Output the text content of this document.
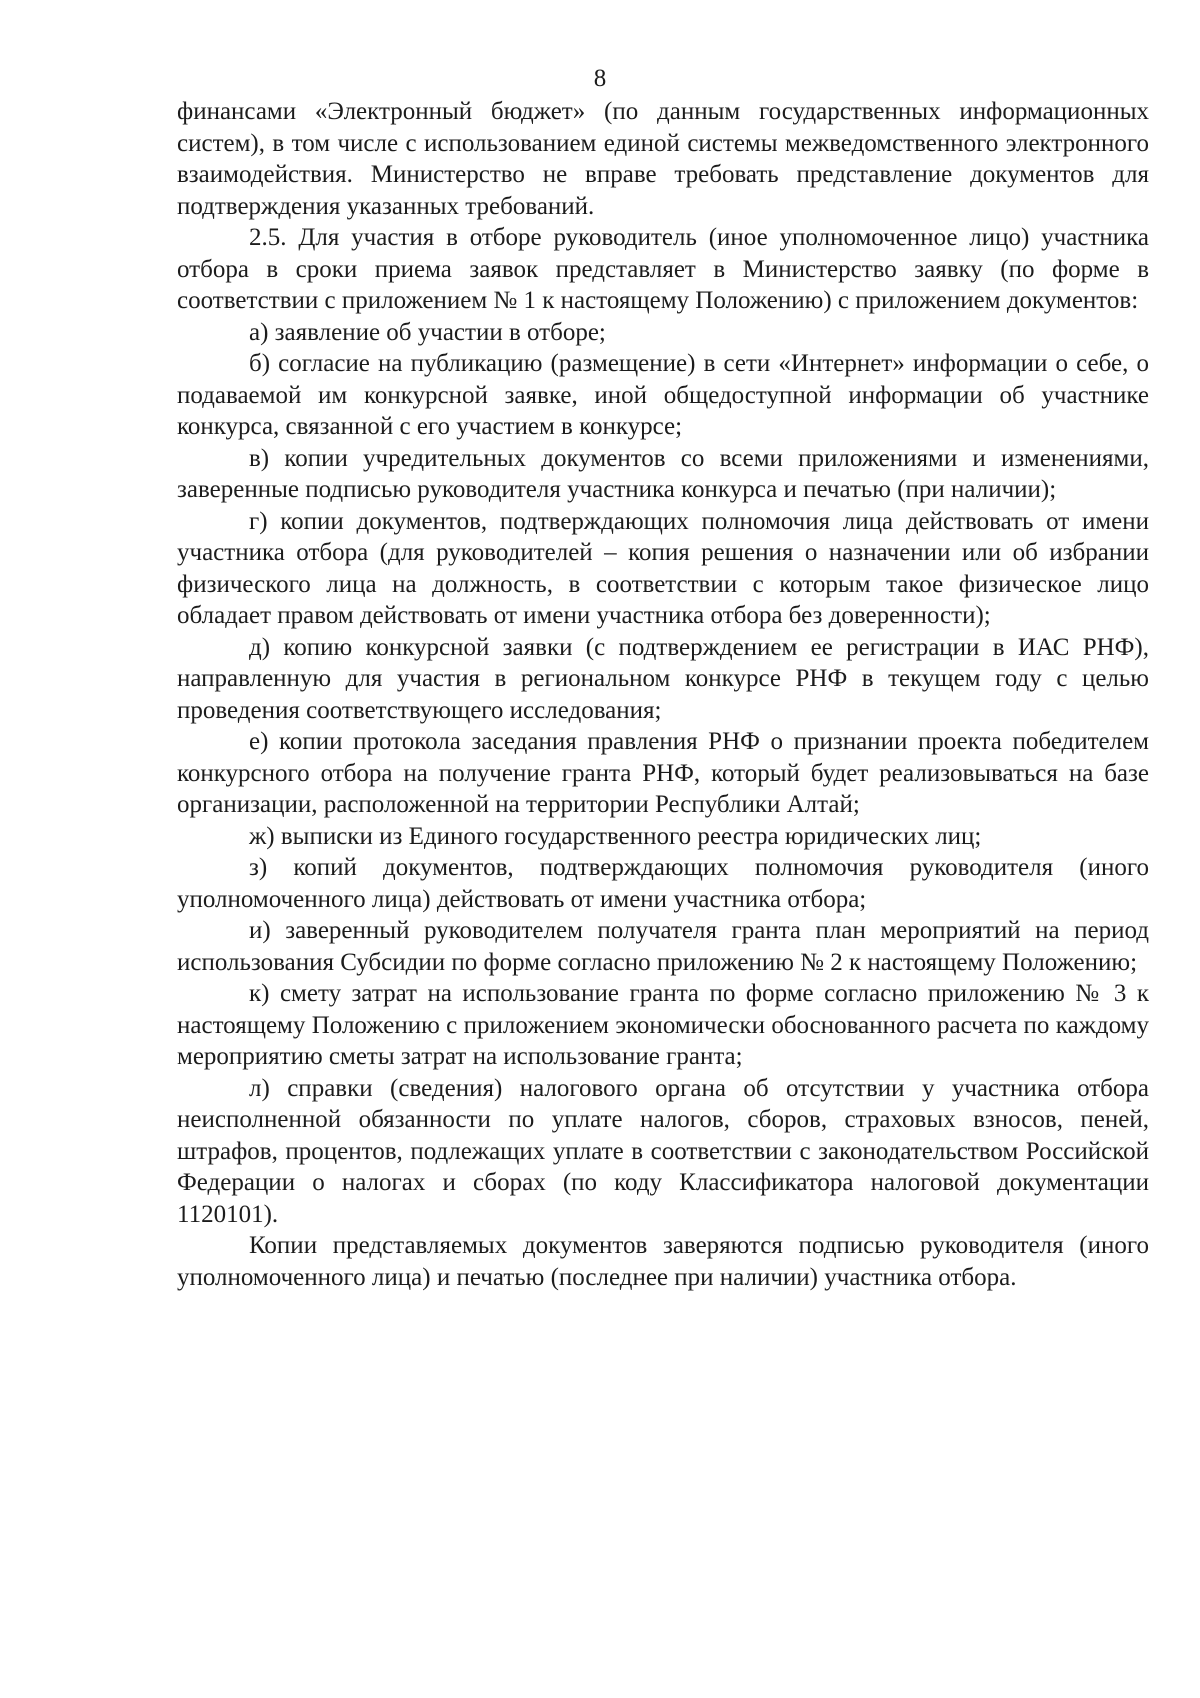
8

финансами «Электронный бюджет» (по данным государственных информационных систем), в том числе с использованием единой системы межведомственного электронного взаимодействия. Министерство не вправе требовать представление документов для подтверждения указанных требований.

2.5. Для участия в отборе руководитель (иное уполномоченное лицо) участника отбора в сроки приема заявок представляет в Министерство заявку (по форме в соответствии с приложением № 1 к настоящему Положению) с приложением документов:

а) заявление об участии в отборе;

б) согласие на публикацию (размещение) в сети «Интернет» информации о себе, о подаваемой им конкурсной заявке, иной общедоступной информации об участнике конкурса, связанной с его участием в конкурсе;

в) копии учредительных документов со всеми приложениями и изменениями, заверенные подписью руководителя участника конкурса и печатью (при наличии);

г) копии документов, подтверждающих полномочия лица действовать от имени участника отбора (для руководителей – копия решения о назначении или об избрании физического лица на должность, в соответствии с которым такое физическое лицо обладает правом действовать от имени участника отбора без доверенности);

д) копию конкурсной заявки (с подтверждением ее регистрации в ИАС РНФ), направленную для участия в региональном конкурсе РНФ в текущем году с целью проведения соответствующего исследования;

е) копии протокола заседания правления РНФ о признании проекта победителем конкурсного отбора на получение гранта РНФ, который будет реализовываться на базе организации, расположенной на территории Республики Алтай;

ж) выписки из Единого государственного реестра юридических лиц;

з) копий документов, подтверждающих полномочия руководителя (иного уполномоченного лица) действовать от имени участника отбора;

и) заверенный руководителем получателя гранта план мероприятий на период использования Субсидии по форме согласно приложению № 2 к настоящему Положению;

к) смету затрат на использование гранта по форме согласно приложению № 3 к настоящему Положению с приложением экономически обоснованного расчета по каждому мероприятию сметы затрат на использование гранта;

л) справки (сведения) налогового органа об отсутствии у участника отбора неисполненной обязанности по уплате налогов, сборов, страховых взносов, пеней, штрафов, процентов, подлежащих уплате в соответствии с законодательством Российской Федерации о налогах и сборах (по коду Классификатора налоговой документации 1120101).

Копии представляемых документов заверяются подписью руководителя (иного уполномоченного лица) и печатью (последнее при наличии) участника отбора.
